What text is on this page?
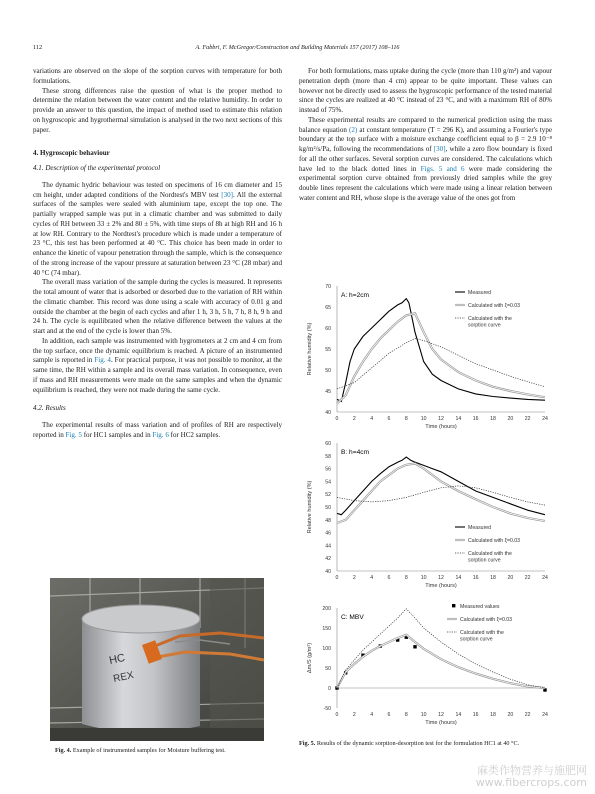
112	A. Fabbri, F. McGregor/Construction and Building Materials 157 (2017) 108–116

variations are observed on the slope of the sorption curves with temperature for both formulations.

These strong differences raise the question of what is the proper method to determine the relation between the water content and the relative humidity. In order to provide an answer to this question, the impact of method used to estimate this relation on hygroscopic and hygrothermal simulation is analysed in the two next sections of this paper.

4. Hygroscopic behaviour

4.1. Description of the experimental protocol

The dynamic hydric behaviour was tested on specimens of 16 cm diameter and 15 cm height, under adapted conditions of the Nordtest's MBV test [30]. All the external surfaces of the samples were sealed with aluminium tape, except the top one. The partially wrapped sample was put in a climatic chamber and was submitted to daily cycles of RH between 33 ± 2% and 80 ± 5%, with time steps of 8h at high RH and 16 h at low RH. Contrary to the Nordtest's procedure which is made under a temperature of 23 °C, this test has been performed at 40 °C. This choice has been made in order to enhance the kinetic of vapour penetration through the sample, which is the consequence of the strong increase of the vapour pressure at saturation between 23 °C (28 mbar) and 40 °C (74 mbar).

The overall mass variation of the sample during the cycles is measured. It represents the total amount of water that is adsorbed or desorbed due to the variation of RH within the climatic chamber. This record was done using a scale with accuracy of 0.01 g and outside the chamber at the begin of each cycles and after 1 h, 3 h, 5 h, 7 h, 8 h, 9 h and 24 h. The cycle is equilibrated when the relative difference between the values at the start and at the end of the cycle is lower than 5%.

In addition, each sample was instrumented with hygrometers at 2 cm and 4 cm from the top surface, once the dynamic equilibrium is reached. A picture of an instrumented sample is reported in Fig. 4. For practical purpose, it was not possible to monitor, at the same time, the RH within a sample and its overall mass variation. In consequence, even if mass and RH measurements were made on the same samples and when the dynamic equilibrium is reached, they were not made during the same cycle.

4.2. Results

The experimental results of mass variation and of profiles of RH are respectively reported in Fig. 5 for HC1 samples and in Fig. 6 for HC2 samples.

HC
REX
Fig. 4. Example of instrumented samples for Moisture buffering test.

For both formulations, mass uptake during the cycle (more than 110 g/m²) and vapour penetration depth (more than 4 cm) appear to be quite important. These values can however not be directly used to assess the hygroscopic performance of the tested material since the cycles are realized at 40 °C instead of 23 °C, and with a maximum RH of 80% instead of 75%.

These experimental results are compared to the numerical prediction using the mass balance equation (2) at constant temperature (T = 296 K), and assuming a Fourier's type boundary at the top surface with a moisture exchange coefficient equal to β = 2.9 10⁻⁸ kg/m²/s/Pa, following the recommendations of [30], while a zero flow boundary is fixed for all the other surfaces. Several sorption curves are considered. The calculations which have led to the black dotted lines in Figs. 5 and 6 were made considering the experimental sorption curve obtained from previously dried samples while the grey double lines represent the calculations which were made using a linear relation between water content and RH, whose slope is the average value of the ones got from

40
45
50
55
60
65
70
0	2	4	6	8 10 12 14 16 18 20 22 24
Time (hours)
Relative humidity (%)
A: h=2cm	Measured
Calculated with ξ=0.03
Calculated with the
sorption curve
40
42
44
46
48
50
52
54
56
58
60
0	2	4	6	8 10 12 14 16 18 20 22 24
Time (hours)
Relative humidity (%)
B: h=4cm
Measured
Calculated with ξ=0.03
Calculated with the
sorption curve
-50
0
50
100
150
200
0	2	4	6	8 10 12 14 16 18 20 22 24
Time (hours)
Δm/S (g/m²)
C: MBV
Measured values
Calculated with ξ=0.03
Calculated with the
sorption curve
Fig. 5. Results of the dynamic sorption-desorption test for the formulation HC1 at 40 °C.
麻类作物营养与施肥网
www.fibercrops.com
